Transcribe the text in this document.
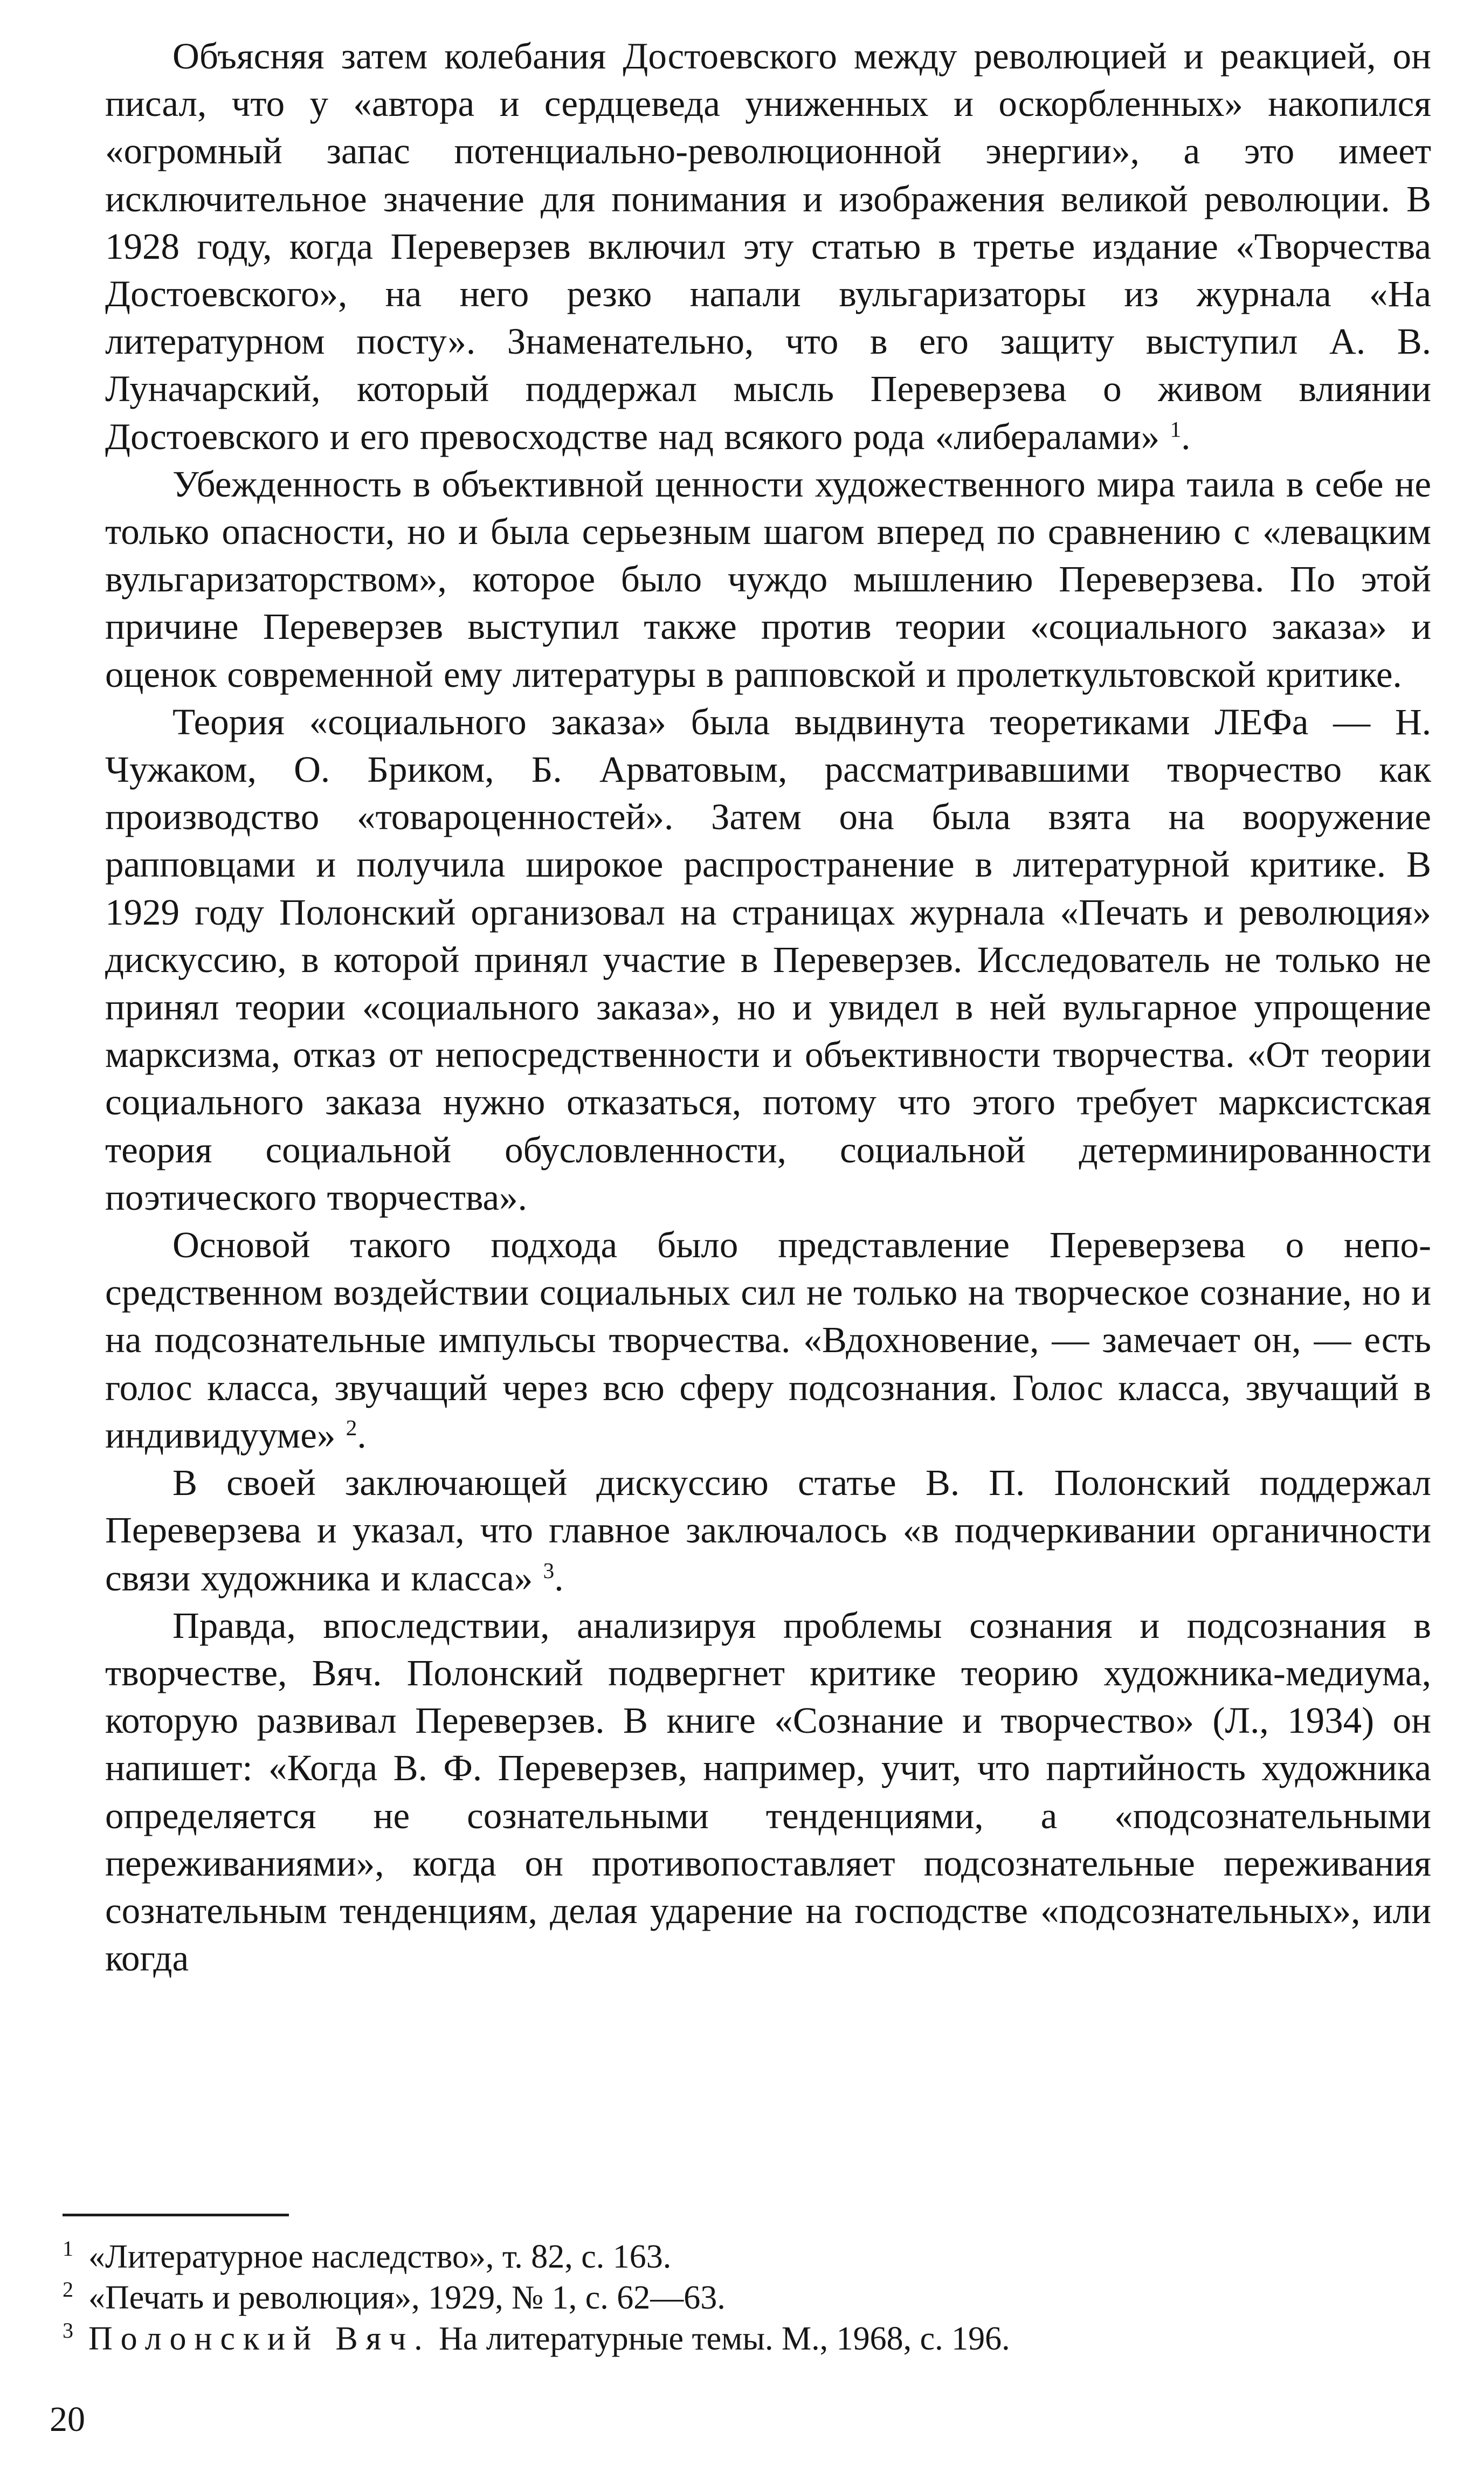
Объясняя затем колебания Достоевского между революцией и реакцией, он писал, что у «автора и сердцеведа униженных и оскорбленных» накопился «огромный запас потенциально-революционной энергии», а это имеет исключительное значение для понимания и изображения великой революции. В 1928 году, когда Переверзев включил эту статью в третье издание «Творчества Достоевского», на него резко напали вульгаризаторы из журнала «На литературном посту». Знаменательно, что в его защиту выступил А. В. Луначарский, который поддержал мысль Переверзева о живом влиянии Достоевского и его превосходстве над всякого рода «либералами» $^1$.

Убежденность в объективной ценности художественного мира таила в себе не только опасности, но и была серьезным шагом вперед по сравнению с «левацким вульгаризаторством», которое было чуждо мышлению Переверзева. По этой причине Переверзев выступил также против теории «социального заказа» и оценок современной ему литературы в рапповской и пролеткультовской критике.

Теория «социального заказа» была выдвинута теоретиками ЛЕФа — Н. Чужаком, О. Бриком, Б. Арватовым, рассматривавшими творчество как производство «товароценностей». Затем она была взята на вооружение рапповцами и получила широкое распространение в литературной критике. В 1929 году Полонский организовал на страницах журнала «Печать и революция» дискуссию, в которой принял участие в Переверзев. Исследователь не только не принял теории «социального заказа», но и увидел в ней вульгарное упрощение марксизма, отказ от непосредственности и объективности творчества. «От теории социального заказа нужно отказаться, потому что этого требует марксистская теория социальной обусловленности, социальной детерминированности поэтического творчества».

Основой такого подхода было представление Переверзева о непосредственном воздействии социальных сил не только на творческое сознание, но и на подсознательные импульсы творчества. «Вдохновение, — замечает он, — есть голос класса, звучащий через всю сферу подсознания. Голос класса, звучащий в индивидууме» $^2$.

В своей заключающей дискуссию статье В. П. Полонский поддержал Переверзева и указал, что главное заключалось «в подчеркивании органичности связи художника и класса» $^3$.

Правда, впоследствии, анализируя проблемы сознания и подсознания в творчестве, Вяч. Полонский подвергнет критике теорию художника-медиума, которую развивал Переверзев. В книге «Сознание и творчество» (Л., 1934) он напишет: «Когда В. Ф. Переверзев, например, учит, что партийность художника определяется не сознательными тенденциями, а «подсознательными переживаниями», когда он противопоставляет подсознательные переживания сознательным тенденциям, делая ударение на господстве «подсознательных», или когда

1 «Литературное наследство», т. 82, с. 163.

2 «Печать и революция», 1929, № 1, с. 62—63.

3 Полонский Вяч. На литературные темы. М., 1968, с. 196.

20
